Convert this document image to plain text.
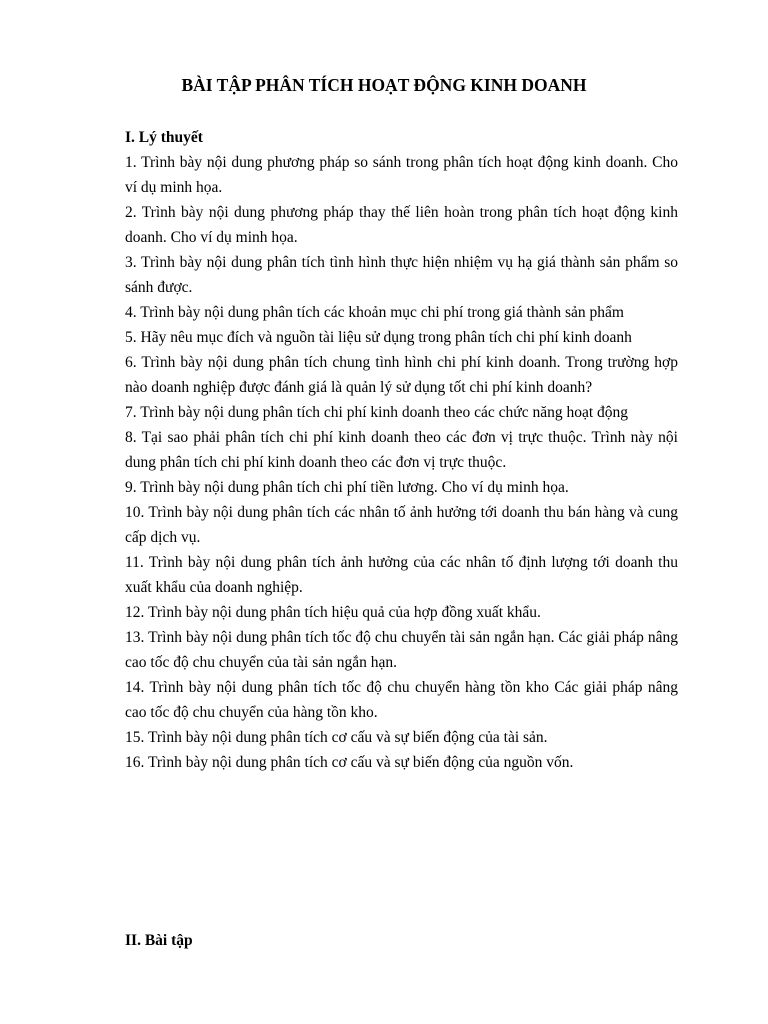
BÀI TẬP PHÂN TÍCH HOẠT ĐỘNG KINH DOANH

I. Lý thuyết

1. Trình bày nội dung phương pháp so sánh trong phân tích hoạt động kinh doanh. Cho ví dụ minh họa.

2. Trình bày nội dung phương pháp thay thế liên hoàn trong phân tích hoạt động kinh doanh. Cho ví dụ minh họa.

3. Trình bày nội dung phân tích tình hình thực hiện nhiệm vụ hạ giá thành sản phẩm so sánh được.

4. Trình bày nội dung phân tích các khoản mục chi phí trong giá thành sản phẩm

5. Hãy nêu mục đích và nguồn tài liệu sử dụng trong phân tích chi phí kinh doanh

6. Trình bày nội dung phân tích chung tình hình chi phí kinh doanh. Trong trường hợp nào doanh nghiệp được đánh giá là quản lý sử dụng tốt chi phí kinh doanh?

7. Trình bày nội dung phân tích chi phí kinh doanh theo các chức năng hoạt động

8. Tại sao phải phân tích chi phí kinh doanh theo các đơn vị trực thuộc. Trình này nội dung phân tích chi phí kinh doanh theo các đơn vị trực thuộc.

9. Trình bày nội dung phân tích chi phí tiền lương. Cho ví dụ minh họa.

10. Trình bày nội dung phân tích các nhân tố ảnh hưởng tới doanh thu bán hàng và cung cấp dịch vụ.

11. Trình bày nội dung phân tích ảnh hưởng của các nhân tố định lượng tới doanh thu xuất khẩu của doanh nghiệp.

12. Trình bày nội dung phân tích hiệu quả của hợp đồng xuất khẩu.

13. Trình bày nội dung phân tích tốc độ chu chuyển tài sản ngắn hạn. Các giải pháp nâng cao tốc độ chu chuyển của tài sản ngắn hạn.

14. Trình bày nội dung phân tích tốc độ chu chuyển hàng tồn kho Các giải pháp nâng cao tốc độ chu chuyển của hàng tồn kho.

15. Trình bày nội dung phân tích cơ cấu và sự biến động của tài sản.

16. Trình bày nội dung phân tích cơ cấu và sự biến động của nguồn vốn.

II. Bài tập
